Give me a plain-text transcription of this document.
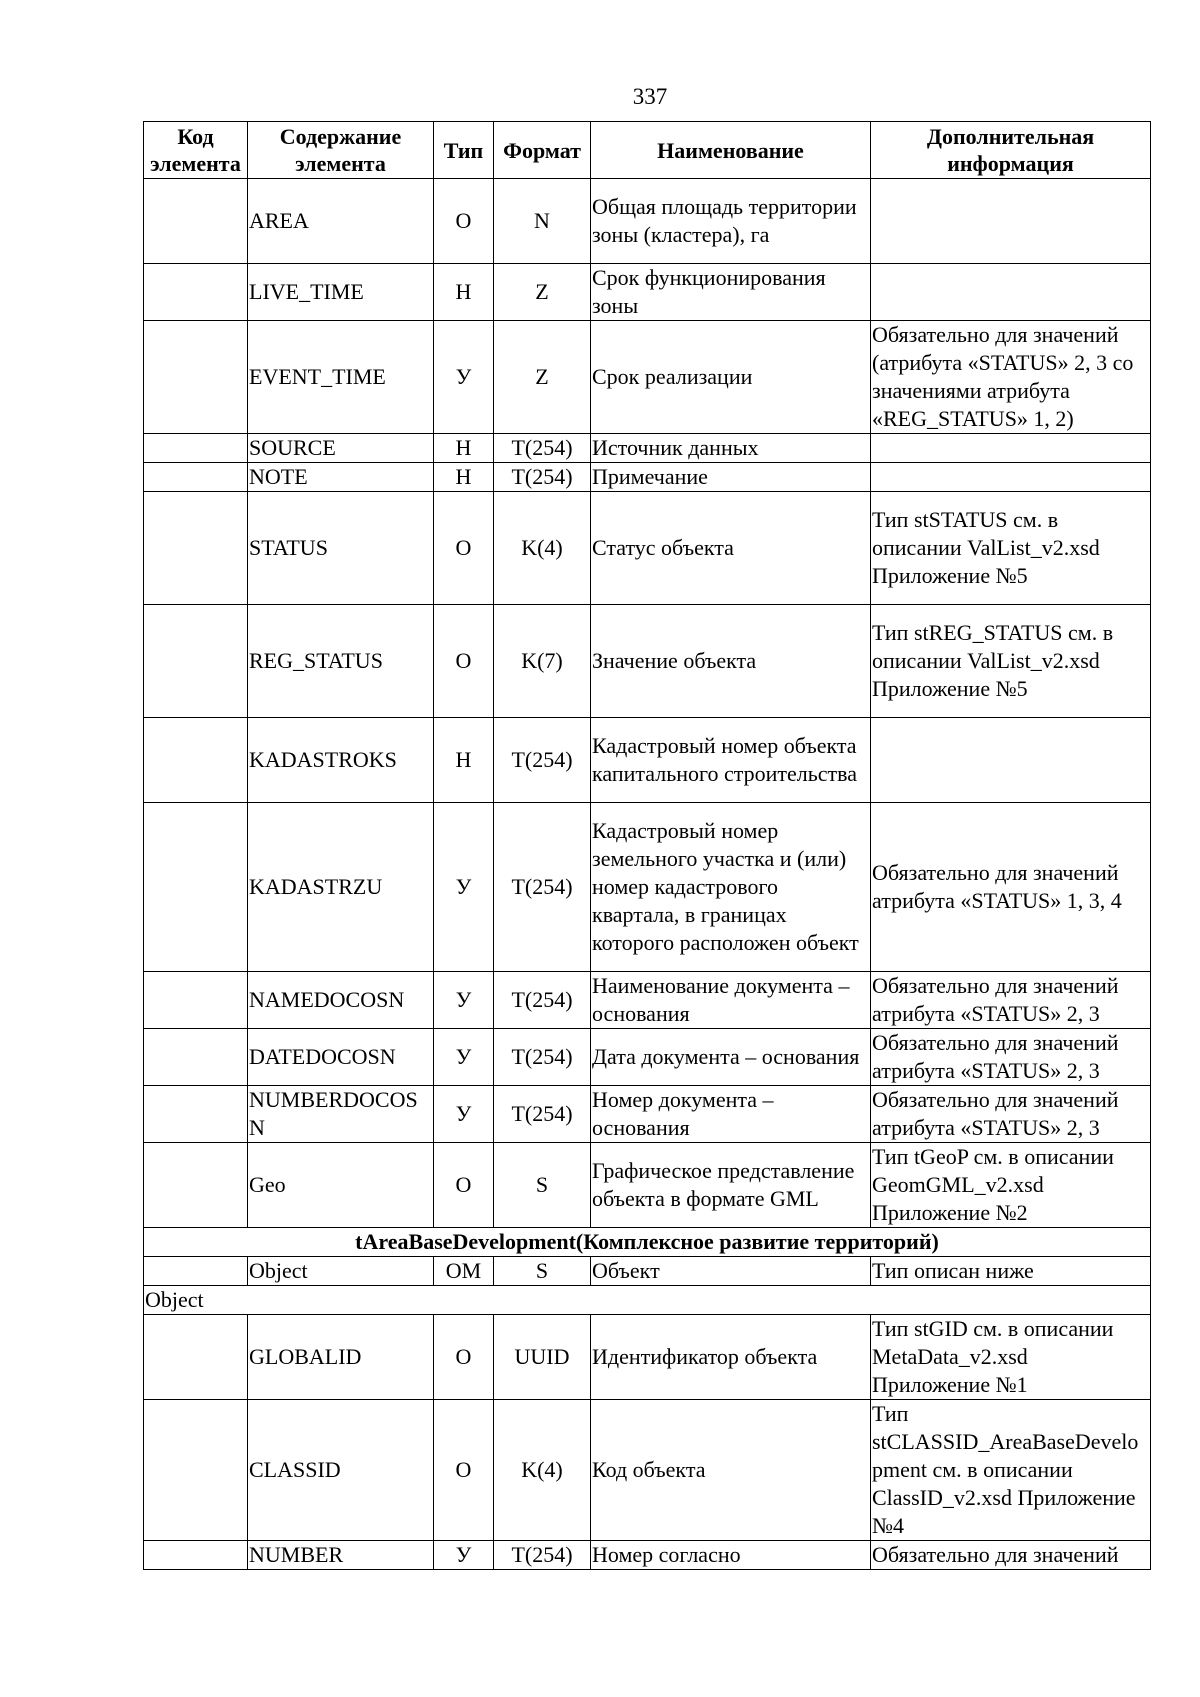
337
Код элемента	Содержание элемента	Тип	Формат	Наименование	Дополнительная информация
	AREA	О	N	Общая площадь территории зоны (кластера), га	
	LIVE_TIME	Н	Z	Срок функционирования зоны	
	EVENT_TIME	У	Z	Срок реализации	Обязательно для значений (атрибута «STATUS» 2, 3 со значениями атрибута «REG_STATUS» 1, 2)
	SOURCE	Н	T(254)	Источник данных	
	NOTE	Н	T(254)	Примечание	
	STATUS	О	K(4)	Статус объекта	Тип stSTATUS см. в описании ValList_v2.xsd Приложение №5
	REG_STATUS	О	K(7)	Значение объекта	Тип stREG_STATUS см. в описании ValList_v2.xsd Приложение №5
	KADASTROKS	Н	T(254)	Кадастровый номер объекта капитального строительства	
	KADASTRZU	У	T(254)	Кадастровый номер земельного участка и (или) номер кадастрового квартала, в границах которого расположен объект	Обязательно для значений атрибута «STATUS» 1, 3, 4
	NAMEDOCOSN	У	T(254)	Наименование документа – основания	Обязательно для значений атрибута «STATUS» 2, 3
	DATEDOCOSN	У	T(254)	Дата документа – основания	Обязательно для значений атрибута «STATUS» 2, 3
	NUMBERDOCOSN	У	T(254)	Номер документа – основания	Обязательно для значений атрибута «STATUS» 2, 3
	Geo	О	S	Графическое представление объекта в формате GML	Тип tGeoP см. в описании GeomGML_v2.xsd Приложение №2
tAreaBaseDevelopment(Комплексное развитие территорий)					
	Object	ОМ	S	Объект	Тип описан ниже
Object					
	GLOBALID	О	UUID	Идентификатор объекта	Тип stGID см. в описании MetaData_v2.xsd Приложение №1
	CLASSID	О	K(4)	Код объекта	Тип stCLASSID_AreaBaseDevelopment см. в описании ClassID_v2.xsd Приложение №4
	NUMBER	У	T(254)	Номер согласно	Обязательно для значений
